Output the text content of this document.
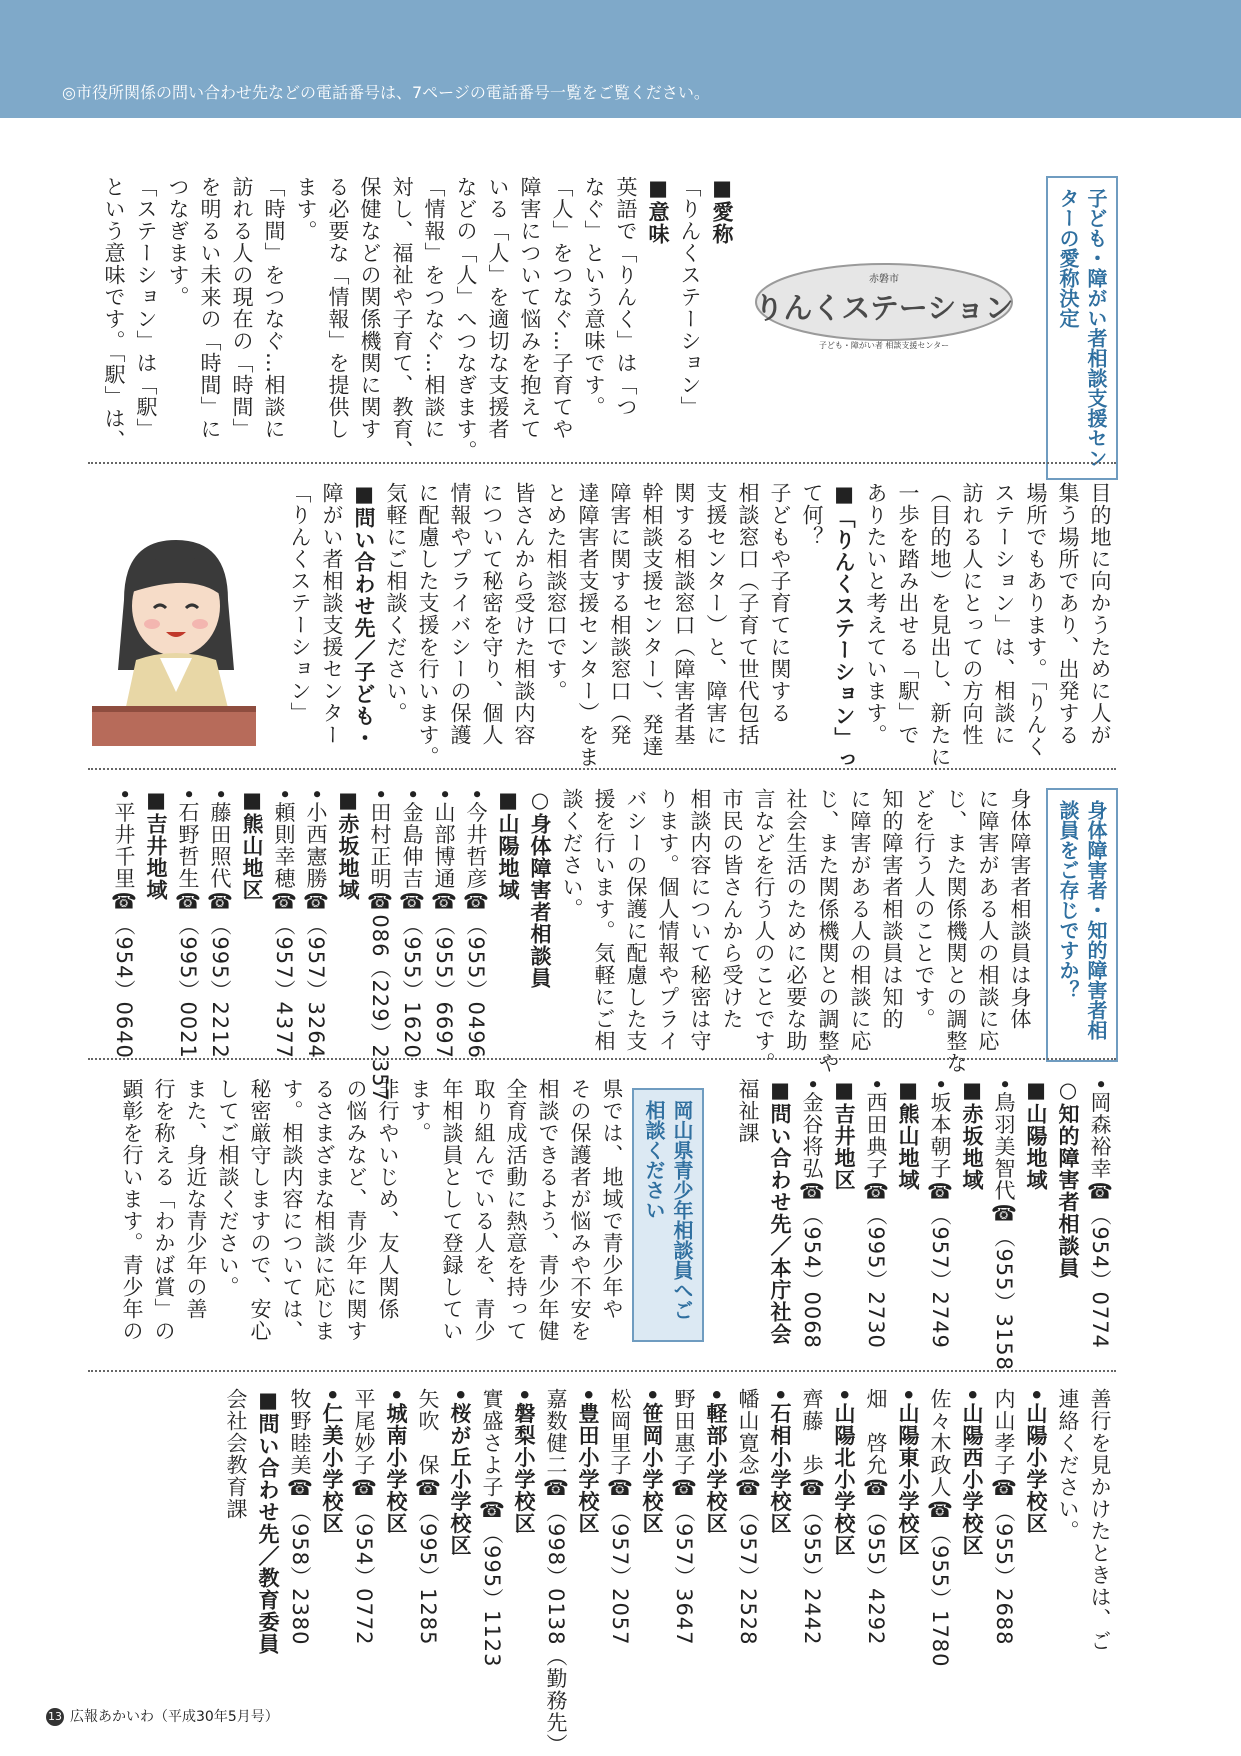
◎市役所関係の問い合わせ先などの電話番号は、7ページの電話番号一覧をご覧ください。
子ども・障がい者相談支援センターの愛称決定
赤磐市
りんくステーション
子ども・障がい者 相談支援センター

■愛称

「りんくステーション」

■意味

英語で「りんく」は「つ

なぐ」という意味です。

「人」をつなぐ…子育てや

障害について悩みを抱えて

いる「人」を適切な支援者

などの「人」へつなぎます。

「情報」をつなぐ…相談に

対し、福祉や子育て、教育、

保健などの関係機関に関す

る必要な「情報」を提供し

ます。

「時間」をつなぐ…相談に

訪れる人の現在の「時間」

を明るい未来の「時間」に

つなぎます。

「ステーション」は「駅」

という意味です。「駅」は、

目的地に向かうために人が

集う場所であり、出発する

場所でもあります。「りんく

ステーション」は、相談に

訪れる人にとっての方向性

（目的地）を見出し、新たに

一歩を踏み出せる「駅」で

ありたいと考えています。

■「りんくステーション」っ

て何？

子どもや子育てに関する

相談窓口（子育て世代包括

支援センター）と、障害に

関する相談窓口（障害者基

幹相談支援センター）、発達

障害に関する相談窓口（発

達障害者支援センター）をま

とめた相談窓口です。

皆さんから受けた相談内容

について秘密を守り、個人

情報やプライバシーの保護

に配慮した支援を行います。

気軽にご相談ください。

■問い合わせ先／子ども・

障がい者相談支援センター

「りんくステーション」

身体障害者・知的障害者相談員をご存じですか？

身体障害者相談員は身体

に障害がある人の相談に応

じ、また関係機関との調整な

どを行う人のことです。

知的障害者相談員は知的

に障害がある人の相談に応

じ、また関係機関との調整や

社会生活のために必要な助

言などを行う人のことです。

市民の皆さんから受けた

相談内容について秘密は守

ります。個人情報やプライ

バシーの保護に配慮した支

援を行います。気軽にご相

談ください。

○身体障害者相談員

■山陽地域

•今井哲彦☎（955）0496

•山部博通☎（955）6697

•金島伸吉☎（955）1620

•田村正明☎086（229）2357

■赤坂地域

•小西憲勝☎（957）3264

•頼則幸穂☎（957）4377

■熊山地区

•藤田照代☎（995）2212

•石野哲生☎（995）0021

■吉井地域

•平井千里☎（954）0640

•岡森裕幸☎（954）0774

○知的障害者相談員

■山陽地域

•鳥羽美智代☎（955）3158

■赤坂地域

•坂本朝子☎（957）2749

■熊山地域

•西田典子☎（995）2730

■吉井地区

•金谷将弘☎（954）0068

■問い合わせ先／本庁社会

福祉課

岡山県青少年相談員へご相談ください

県では、地域で青少年や

その保護者が悩みや不安を

相談できるよう、青少年健

全育成活動に熱意を持って

取り組んでいる人を、青少

年相談員として登録してい

ます。

非行やいじめ、友人関係

の悩みなど、青少年に関す

るさまざまな相談に応じま

す。相談内容については、

秘密厳守しますので、安心

してご相談ください。

また、身近な青少年の善

行を称える「わかば賞」の

顕彰を行います。青少年の

善行を見かけたときは、ご

連絡ください。

•山陽小学校区

内山孝子☎（955）2688

•山陽西小学校区

佐々木政人☎（955）1780

•山陽東小学校区

畑　啓允☎（955）4292

•山陽北小学校区

齊藤　歩☎（955）2442

•石相小学校区

幡山寛念☎（957）2528

•軽部小学校区

野田惠子☎（957）3647

•笹岡小学校区

松岡里子☎（957）2057

•豊田小学校区

嘉数健二☎（998）0138（勤務先）

•磐梨小学校区

實盛さよ子☎（995）1123

•桜が丘小学校区

矢吹　保☎（995）1285

•城南小学校区

平尾妙子☎（954）0772

•仁美小学校区

牧野睦美☎（958）2380

■問い合わせ先／教育委員

会社会教育課

13 広報あかいわ（平成30年5月号）
